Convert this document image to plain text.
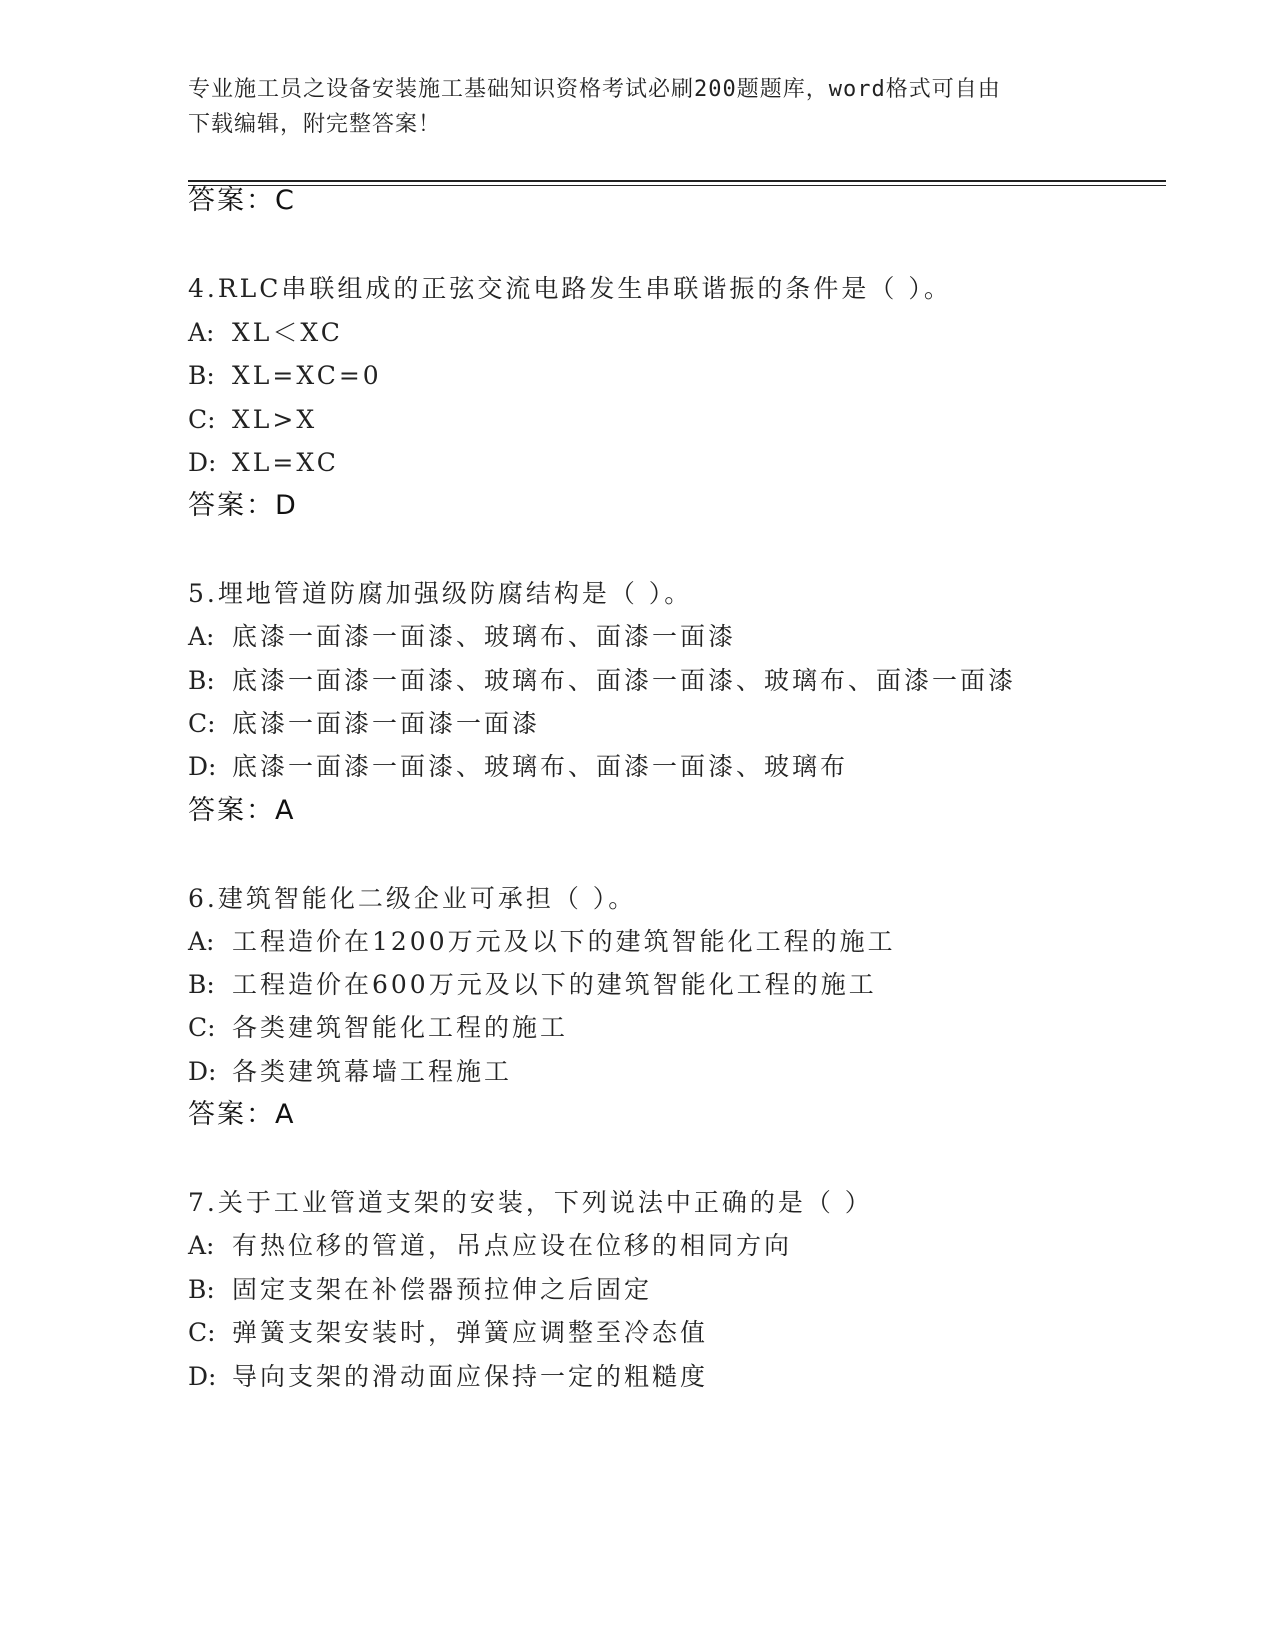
专业施工员之设备安装施工基础知识资格考试必刷200题题库，word格式可自由
下载编辑，附完整答案！
答案：C
4.RLC串联组成的正弦交流电路发生串联谐振的条件是（ ）。
A: XL＜XC
B: XL=XC=0
C: XL>X
D: XL=XC
答案：D
5.埋地管道防腐加强级防腐结构是（ ）。
A: 底漆一面漆一面漆、玻璃布、面漆一面漆
B: 底漆一面漆一面漆、玻璃布、面漆一面漆、玻璃布、面漆一面漆
C: 底漆一面漆一面漆一面漆
D: 底漆一面漆一面漆、玻璃布、面漆一面漆、玻璃布
答案：A
6.建筑智能化二级企业可承担（ ）。
A: 工程造价在1200万元及以下的建筑智能化工程的施工
B: 工程造价在600万元及以下的建筑智能化工程的施工
C: 各类建筑智能化工程的施工
D: 各类建筑幕墙工程施工
答案：A
7.关于工业管道支架的安装，下列说法中正确的是（ ）
A: 有热位移的管道，吊点应设在位移的相同方向
B: 固定支架在补偿器预拉伸之后固定
C: 弹簧支架安装时，弹簧应调整至冷态值
D: 导向支架的滑动面应保持一定的粗糙度
